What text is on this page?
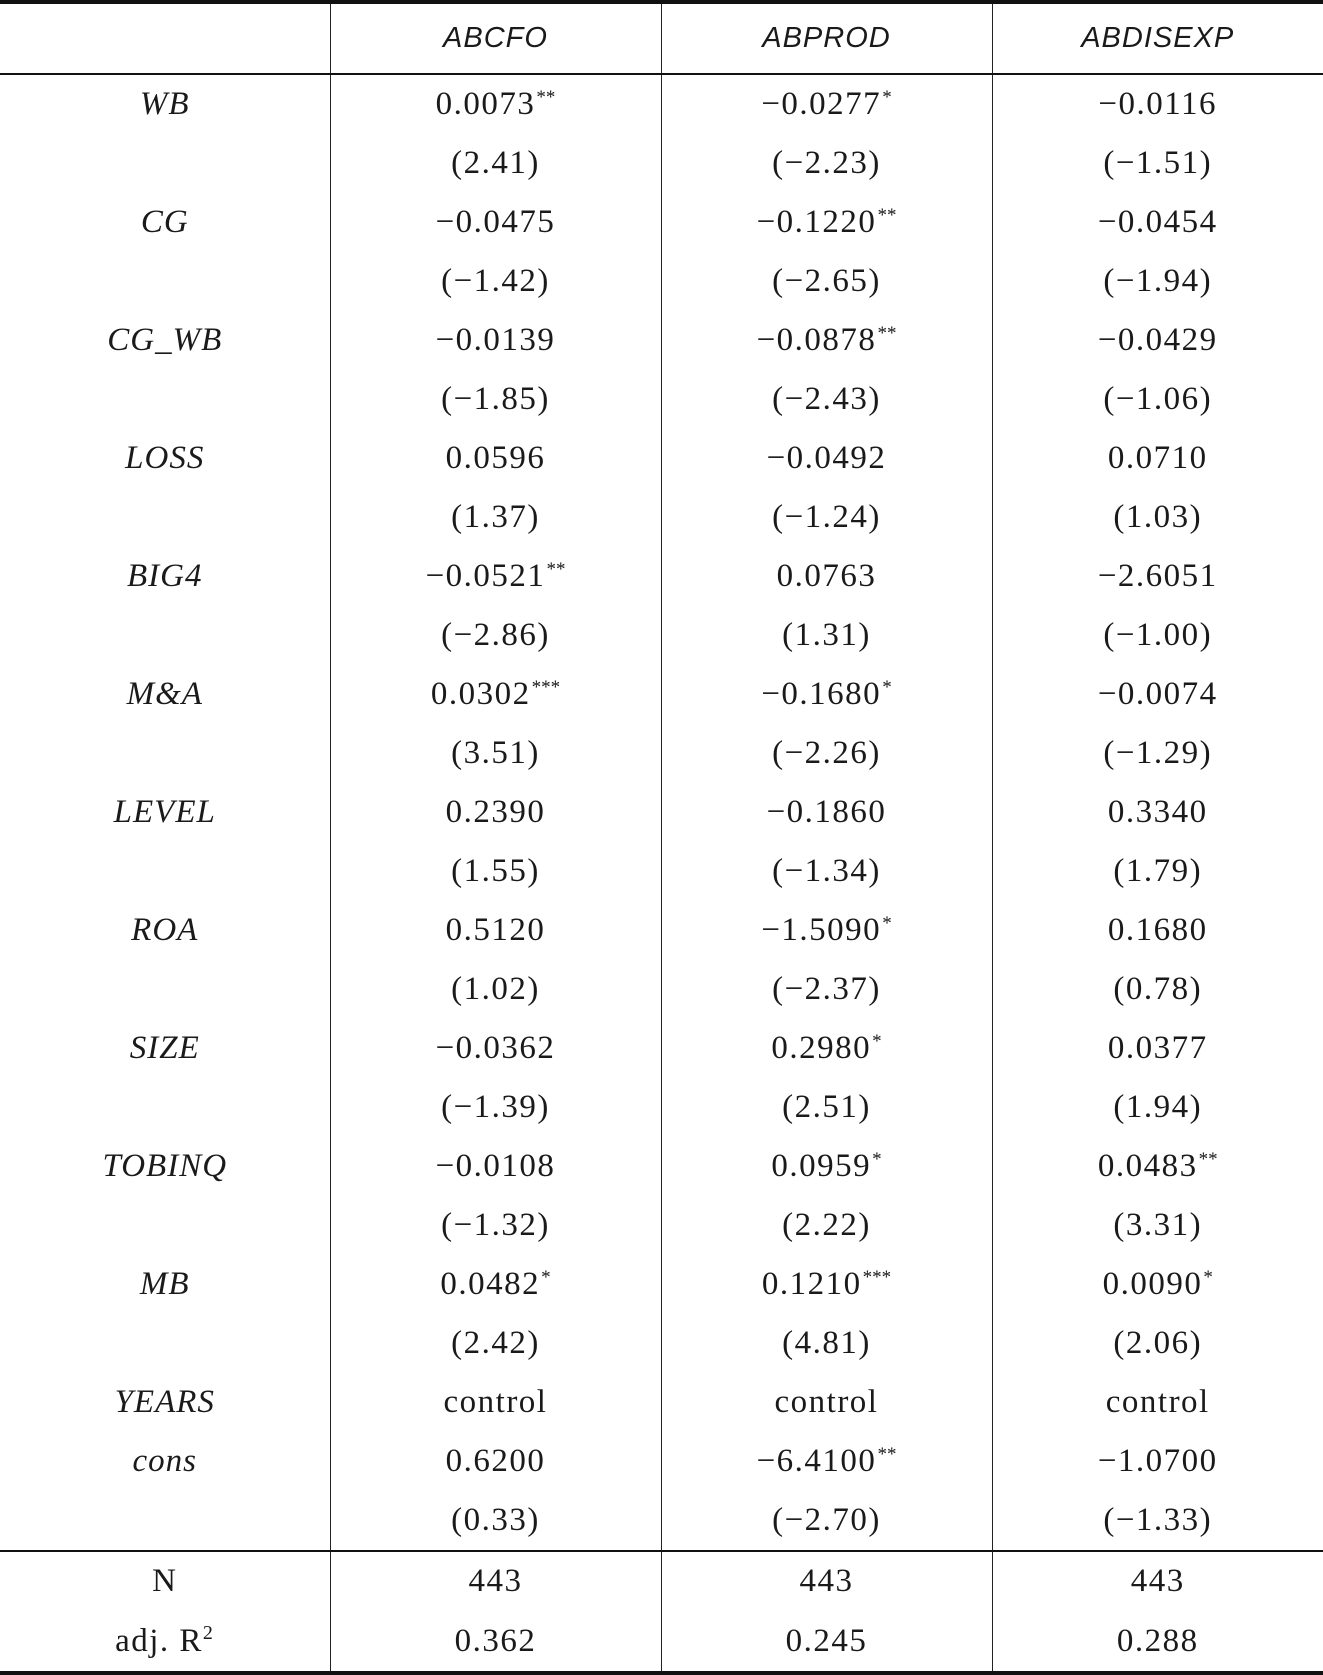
	ABCFO	ABPROD	ABDISEXP
WB	0.0073**	−0.0277*	−0.0116
	(2.41)	(−2.23)	(−1.51)
CG	−0.0475	−0.1220**	−0.0454
	(−1.42)	(−2.65)	(−1.94)
CG_WB	−0.0139	−0.0878**	−0.0429
	(−1.85)	(−2.43)	(−1.06)
LOSS	0.0596	−0.0492	0.0710
	(1.37)	(−1.24)	(1.03)
BIG4	−0.0521**	0.0763	−2.6051
	(−2.86)	(1.31)	(−1.00)
M&A	0.0302***	−0.1680*	−0.0074
	(3.51)	(−2.26)	(−1.29)
LEVEL	0.2390	−0.1860	0.3340
	(1.55)	(−1.34)	(1.79)
ROA	0.5120	−1.5090*	0.1680
	(1.02)	(−2.37)	(0.78)
SIZE	−0.0362	0.2980*	0.0377
	(−1.39)	(2.51)	(1.94)
TOBINQ	−0.0108	0.0959*	0.0483**
	(−1.32)	(2.22)	(3.31)
MB	0.0482*	0.1210***	0.0090*
	(2.42)	(4.81)	(2.06)
YEARS	control	control	control
cons	0.6200	−6.4100**	−1.0700
	(0.33)	(−2.70)	(−1.33)
N	443	443	443
adj. $R^2$	0.362	0.245	0.288
